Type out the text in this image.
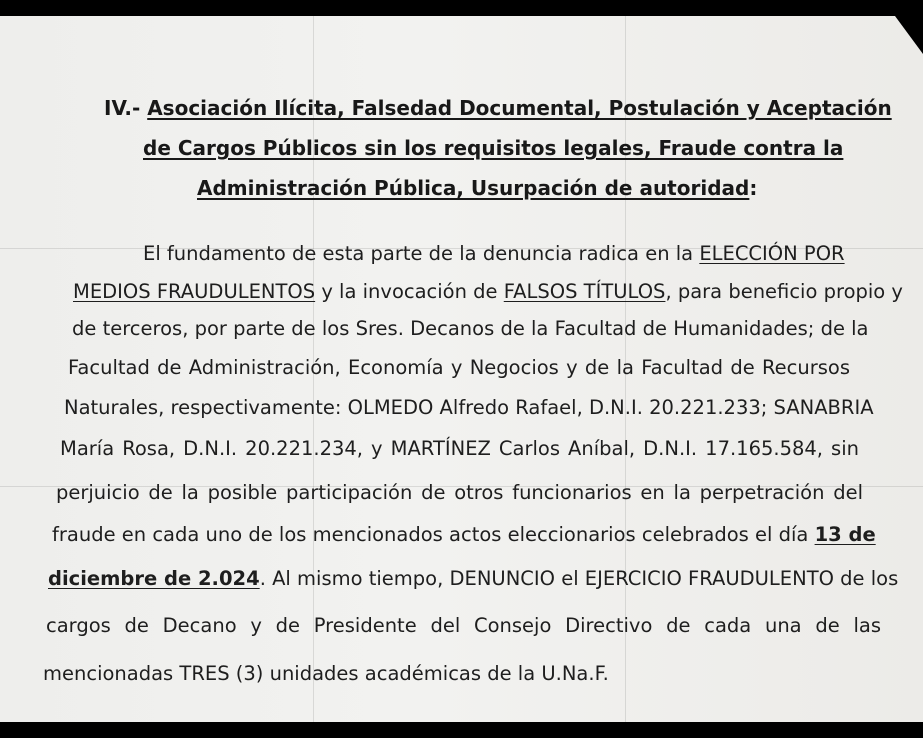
IV.- Asociación Ilícita, Falsedad Documental, Postulación y Aceptación
de Cargos Públicos sin los requisitos legales, Fraude contra la
Administración Pública, Usurpación de autoridad:
El fundamento de esta parte de la denuncia radica en la ELECCIÓN POR
MEDIOS FRAUDULENTOS y la invocación de FALSOS TÍTULOS, para beneficio propio y
de terceros, por parte de los Sres. Decanos de la Facultad de Humanidades; de la
Facultad de Administración, Economía y Negocios y de la Facultad de Recursos
Naturales, respectivamente: OLMEDO Alfredo Rafael, D.N.I. 20.221.233; SANABRIA
María Rosa, D.N.I. 20.221.234, y MARTÍNEZ Carlos Aníbal, D.N.I. 17.165.584, sin
perjuicio de la posible participación de otros funcionarios en la perpetración del
fraude en cada uno de los mencionados actos eleccionarios celebrados el día 13 de
diciembre de 2.024. Al mismo tiempo, DENUNCIO el EJERCICIO FRAUDULENTO de los
cargos de Decano y de Presidente del Consejo Directivo de cada una de las
mencionadas TRES (3) unidades académicas de la U.Na.F.
